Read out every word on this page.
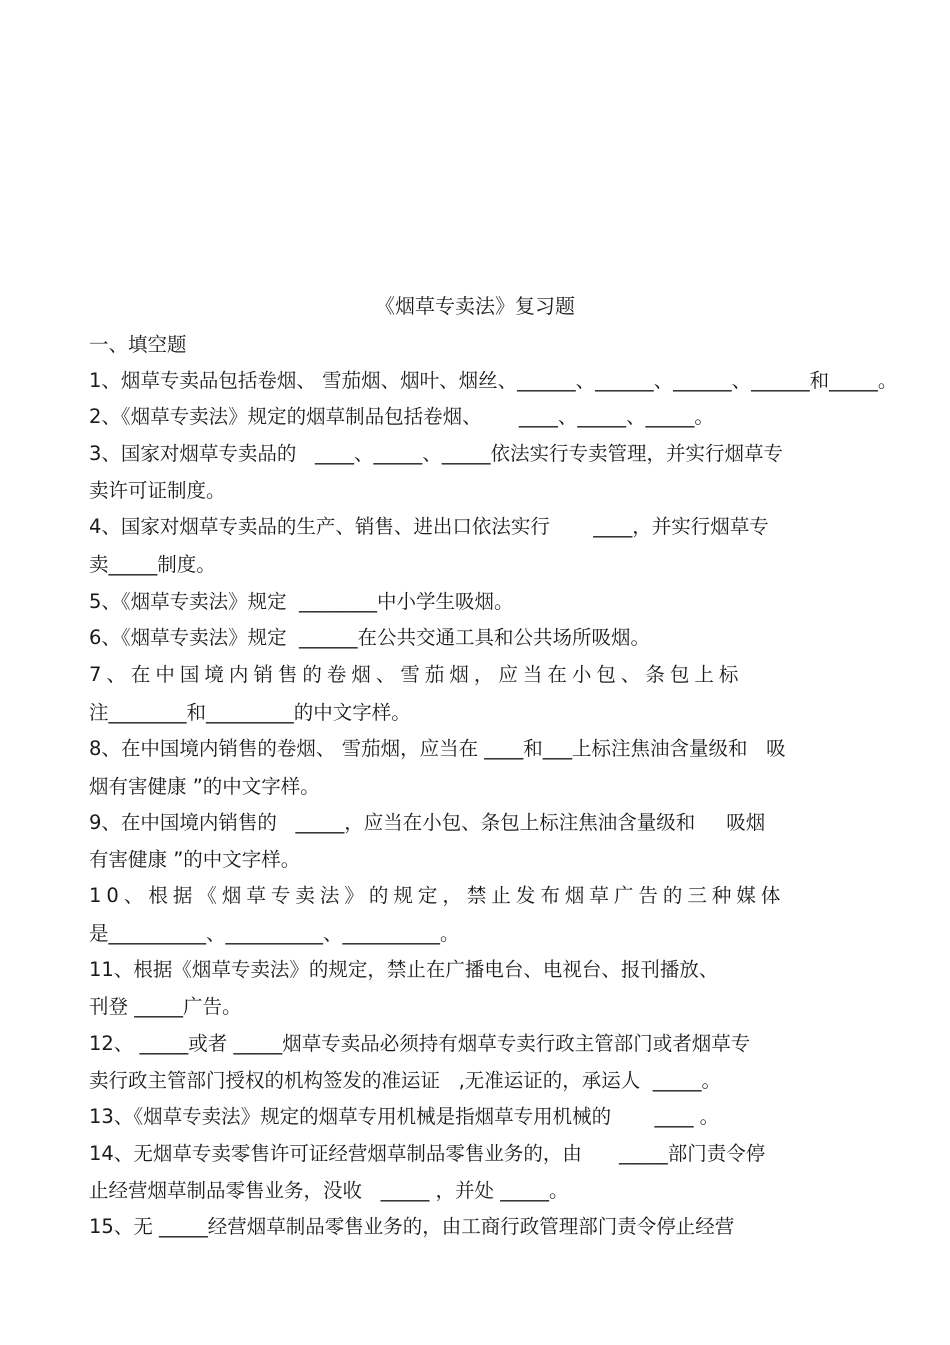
《烟草专卖法》复习题
一、填空题
1、烟草专卖品包括卷烟、 雪茄烟、烟叶、烟丝、______、______、______、______和_____。
2、《烟草专卖法》规定的烟草制品包括卷烟、      ____、_____、_____。
3、国家对烟草专卖品的   ____、_____、_____依法实行专卖管理，并实行烟草专
卖许可证制度。
4、国家对烟草专卖品的生产、销售、进出口依法实行       ____，并实行烟草专
卖_____制度。
5、《烟草专卖法》规定  ________中小学生吸烟。
6、《烟草专卖法》规定  ______在公共交通工具和公共场所吸烟。
7、在中国境内销售的卷烟、雪茄烟，应当在小包、条包上标
注________和_________的中文字样。
8、在中国境内销售的卷烟、 雪茄烟，应当在 ____和___上标注焦油含量级和   吸
烟有害健康 ”的中文字样。
9、在中国境内销售的   _____，应当在小包、条包上标注焦油含量级和     吸烟
有害健康 ”的中文字样。
10、根据《烟草专卖法》的规定，禁止发布烟草广告的三种媒体
是__________、__________、__________。
11、根据《烟草专卖法》的规定，禁止在广播电台、电视台、报刊播放、
刊登 _____广告。
12、 _____或者 _____烟草专卖品必须持有烟草专卖行政主管部门或者烟草专
卖行政主管部门授权的机构签发的准运证   ,无准运证的，承运人  _____。
13、《烟草专卖法》规定的烟草专用机械是指烟草专用机械的       ____ 。
14、无烟草专卖零售许可证经营烟草制品零售业务的，由      _____部门责令停
止经营烟草制品零售业务，没收   _____ ，并处 _____。
15、无 _____经营烟草制品零售业务的，由工商行政管理部门责令停止经营
